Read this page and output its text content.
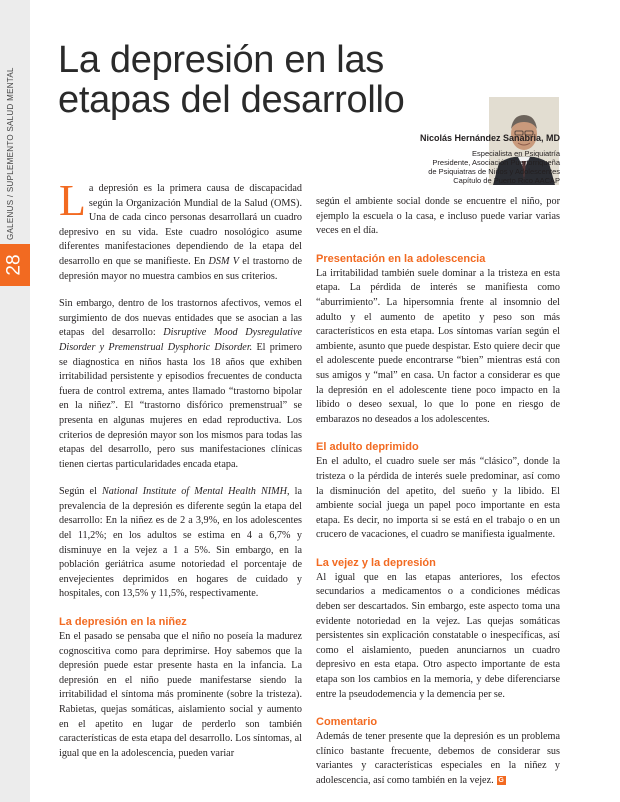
28
La depresión en las etapas del desarrollo
Nicolás Hernández Sanabria, MD
Especialista en Psiquiatría
Presidente, Asociación Puertorriqueña
de Psiquiatras de Niños y Adolescentes
Capítulo de Puerto Rico AACAP

La depresión es la primera causa de discapacidad según la Organización Mundial de la Salud (OMS). Una de cada cinco personas desarrollará un cuadro depresivo en su vida. Este cuadro nosológico asume diferentes manifestaciones dependiendo de la etapa del desarrollo en que se manifieste. En DSM V el trastorno de depresión mayor no muestra cambios en sus criterios.

Sin embargo, dentro de los trastornos afectivos, vemos el surgimiento de dos nuevas entidades que se asocian a las etapas del desarrollo: Disruptive Mood Dysregulative Disorder y Premenstrual Dysphoric Disorder. El primero se diagnostica en niños hasta los 18 años que exhiben irritabilidad persistente y episodios frecuentes de conducta fuera de control extrema, antes llamado “trastorno bipolar en la niñez”. El “trastorno disfórico premenstrual” se presenta en algunas mujeres en edad reproductiva. Los criterios de depresión mayor son los mismos para todas las etapas del desarrollo, pero sus manifestaciones clínicas tienen ciertas particularidades encada etapa.

Según el National Institute of Mental Health NIMH, la prevalencia de la depresión es diferente según la etapa del desarrollo: En la niñez es de 2 a 3,9%, en los adolescentes del 11,2%; en los adultos se estima en 4 a 6,7% y disminuye en la vejez a 1 a 5%. Sin embargo, en la población geriátrica asume notoriedad el porcentaje de envejecientes deprimidos en hogares de cuidado y hospitales, con 13,5% y 11,5%, respectivamente.

La depresión en la niñez

En el pasado se pensaba que el niño no poseía la madurez cognoscitiva como para deprimirse. Hoy sabemos que la depresión puede estar presente hasta en la infancia. La depresión en el niño puede manifestarse siendo la irritabilidad el síntoma más prominente (sobre la tristeza). Rabietas, quejas somáticas, aislamiento social y aumento en el apetito en lugar de perderlo son también características de esta etapa del desarrollo. Los síntomas, al igual que en la adolescencia, pueden variar

según el ambiente social donde se encuentre el niño, por ejemplo la escuela o la casa, e incluso puede variar varias veces en el día.

Presentación en la adolescencia

La irritabilidad también suele dominar a la tristeza en esta etapa. La pérdida de interés se manifiesta como “aburrimiento”. La hipersomnia frente al insomnio del adulto y el aumento de apetito y peso son más característicos en esta etapa. Los síntomas varían según el ambiente, asunto que puede despistar. Esto quiere decir que el adolescente puede encontrarse “bien” mientras está con sus amigos y “mal” en casa. Un factor a considerar es que la depresión en el adolescente tiene poco impacto en la libido o deseo sexual, lo que lo pone en riesgo de embarazos no deseados a los adolescentes.

El adulto deprimido

En el adulto, el cuadro suele ser más “clásico”, donde la tristeza o la pérdida de interés suele predominar, así como la disminución del apetito, del sueño y la libido. El ambiente social juega un papel poco importante en esta etapa. Es decir, no importa si se está en el trabajo o en un crucero de vacaciones, el cuadro se manifiesta igualmente.

La vejez y la depresión

Al igual que en las etapas anteriores, los efectos secundarios a medicamentos o a condiciones médicas deben ser descartados. Sin embargo, este aspecto toma una evidente notoriedad en la vejez. Las quejas somáticas persistentes sin explicación constatable o inespecíficas, así como el aislamiento, pueden anunciarnos un cuadro depresivo en esta etapa. Otro aspecto importante de esta etapa son los cambios en la memoria, y debe diferenciarse entre la pseudodemencia y la demencia per se.

Comentario

Además de tener presente que la depresión es un problema clínico bastante frecuente, debemos de considerar sus variantes y características especiales en la niñez y adolescencia, así como también en la vejez. G
